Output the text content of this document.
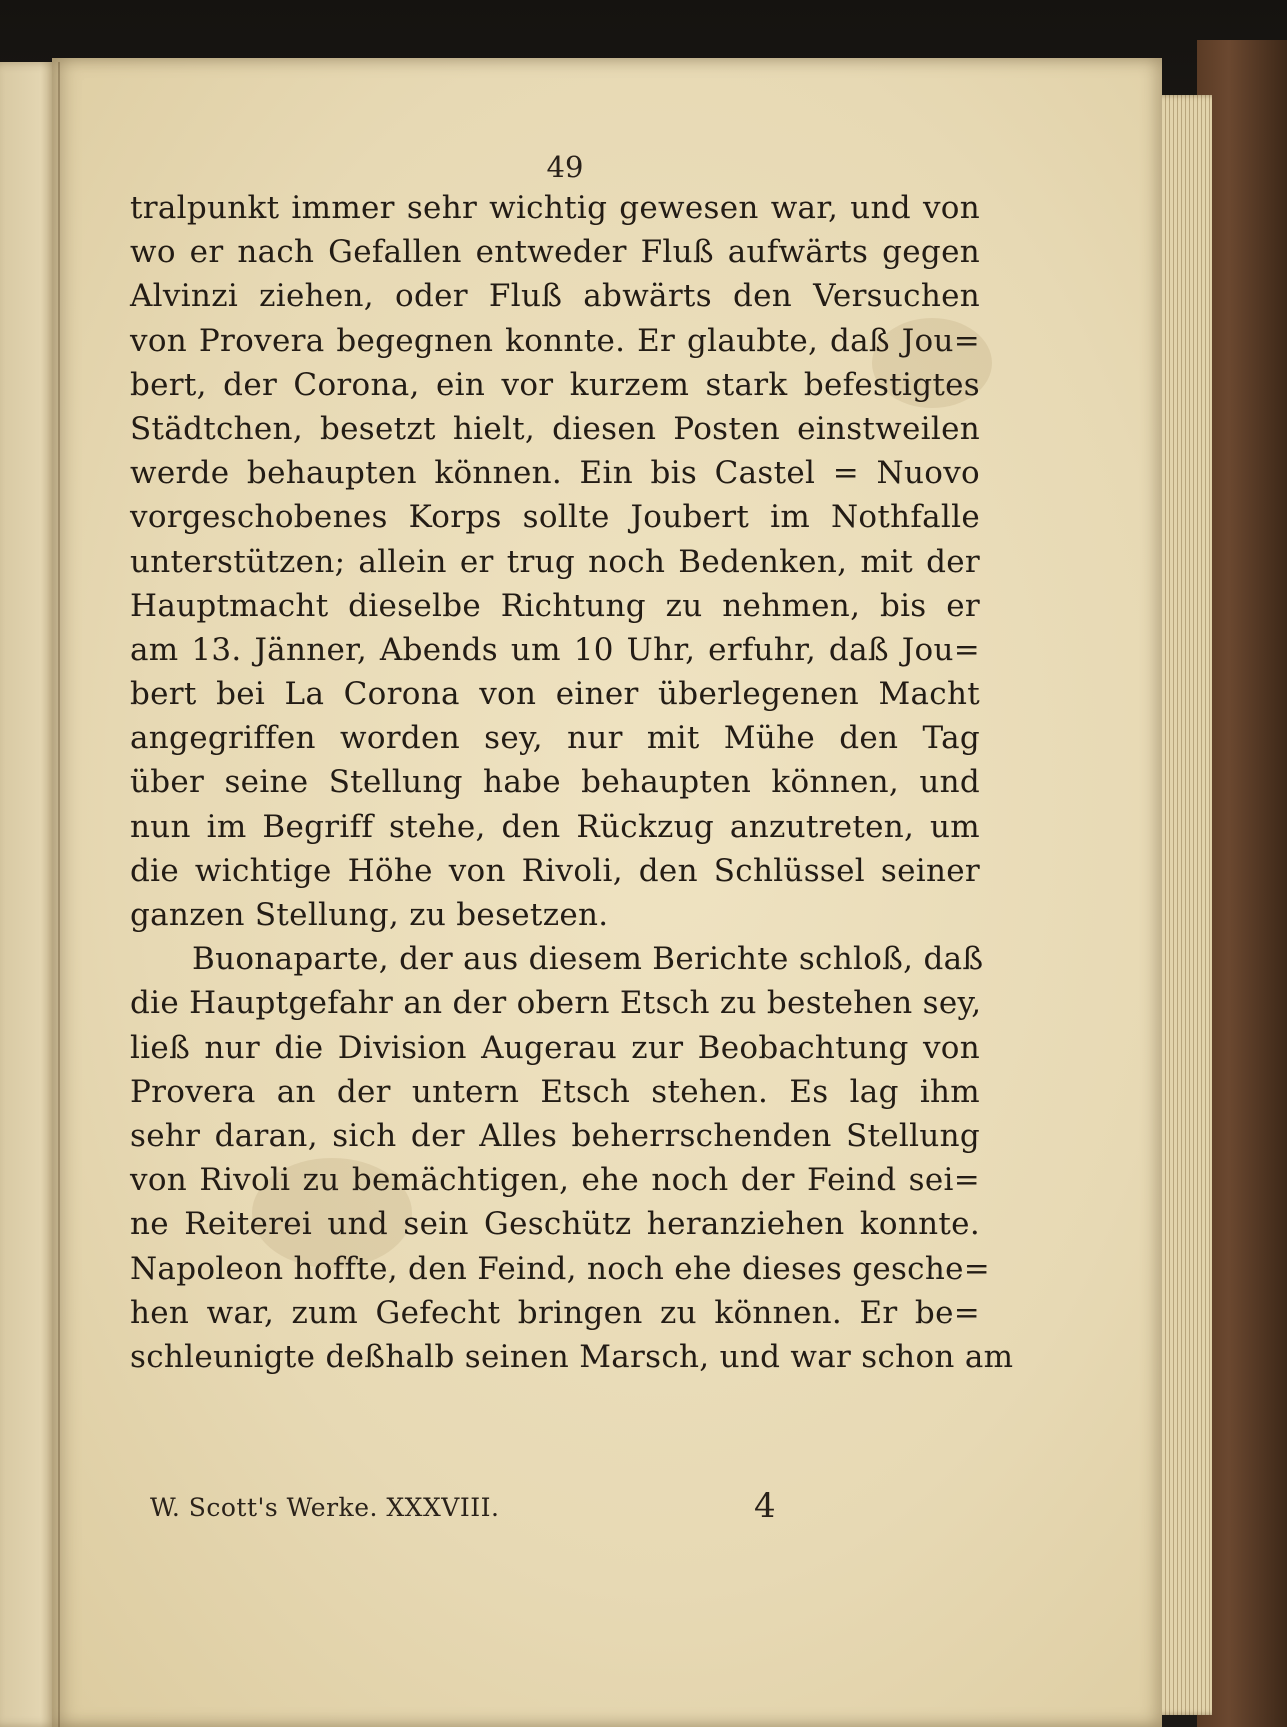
49
tralpunkt immer sehr wichtig gewesen war, und von
wo er nach Gefallen entweder Fluß aufwärts gegen
Alvinzi ziehen, oder Fluß abwärts den Versuchen
von Provera begegnen konnte. Er glaubte, daß Jou=
bert, der Corona, ein vor kurzem stark befestigtes
Städtchen, besetzt hielt, diesen Posten einstweilen
werde behaupten können. Ein bis Castel = Nuovo
vorgeschobenes Korps sollte Joubert im Nothfalle
unterstützen; allein er trug noch Bedenken, mit der
Hauptmacht dieselbe Richtung zu nehmen, bis er
am 13. Jänner, Abends um 10 Uhr, erfuhr, daß Jou=
bert bei La Corona von einer überlegenen Macht
angegriffen worden sey, nur mit Mühe den Tag
über seine Stellung habe behaupten können, und
nun im Begriff stehe, den Rückzug anzutreten, um
die wichtige Höhe von Rivoli, den Schlüssel seiner
ganzen Stellung, zu besetzen.
Buonaparte, der aus diesem Berichte schloß, daß
die Hauptgefahr an der obern Etsch zu bestehen sey,
ließ nur die Division Augerau zur Beobachtung von
Provera an der untern Etsch stehen. Es lag ihm
sehr daran, sich der Alles beherrschenden Stellung
von Rivoli zu bemächtigen, ehe noch der Feind sei=
ne Reiterei und sein Geschütz heranziehen konnte.
Napoleon hoffte, den Feind, noch ehe dieses gesche=
hen war, zum Gefecht bringen zu können. Er be=
schleunigte deßhalb seinen Marsch, und war schon am
W. Scott's Werke. XXXVIII.	4
